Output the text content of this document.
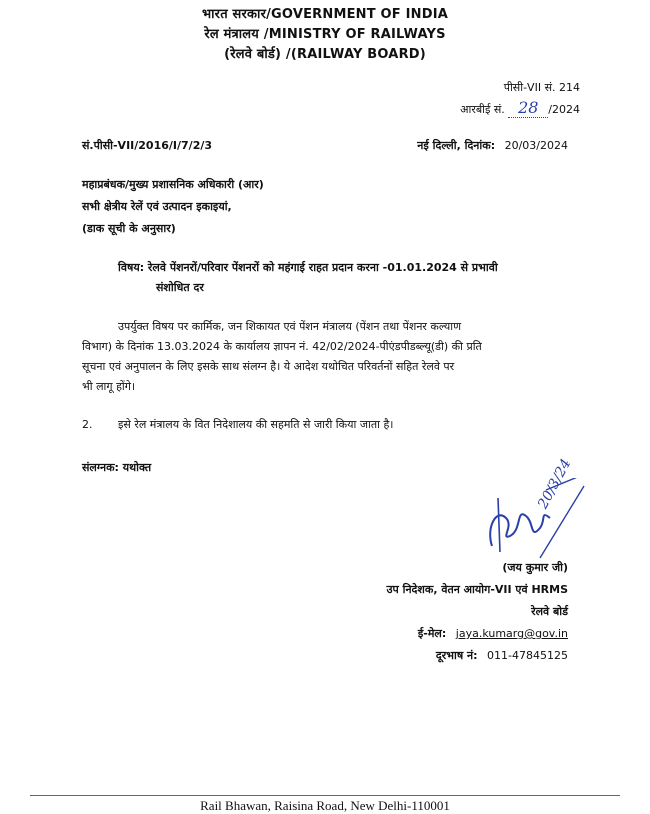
भारत सरकार/GOVERNMENT OF INDIA
रेल मंत्रालय /MINISTRY OF RAILWAYS
(रेलवे बोर्ड) /(RAILWAY BOARD)
पीसी-VII सं. 214
आरबीई सं. 28 /2024
सं.पीसी-VII/2016/I/7/2/3	नई दिल्ली, दिनांक: 20/03/2024
महाप्रबंधक/मुख्य प्रशासनिक अधिकारी (आर)
सभी क्षेत्रीय रेलें एवं उत्पादन इकाइयां,
(डाक सूची के अनुसार)
विषय: रेलवे पेंशनरों/परिवार पेंशनरों को महंगाई राहत प्रदान करना -01.01.2024 से प्रभावी
संशोधित दर
उपर्युक्त विषय पर कार्मिक, जन शिकायत एवं पेंशन मंत्रालय (पेंशन तथा पेंशनर कल्याण
विभाग) के दिनांक 13.03.2024 के कार्यालय ज्ञापन नं. 42/02/2024-पीएंडपीडब्ल्यू(डी) की प्रति
सूचना एवं अनुपालन के लिए इसके साथ संलग्न है। ये आदेश यथोचित परिवर्तनों सहित रेलवे पर
भी लागू होंगे।
2. इसे रेल मंत्रालय के वित निदेशालय की सहमति से जारी किया जाता है।
संलग्नक: यथोक्त	20/3/24
(जय कुमार जी)
उप निदेशक, वेतन आयोग-VII एवं HRMS
रेलवे बोर्ड
ई-मेल: jaya.kumarg@gov.in
दूरभाष नं: 011-47845125
Rail Bhawan, Raisina Road, New Delhi-110001
